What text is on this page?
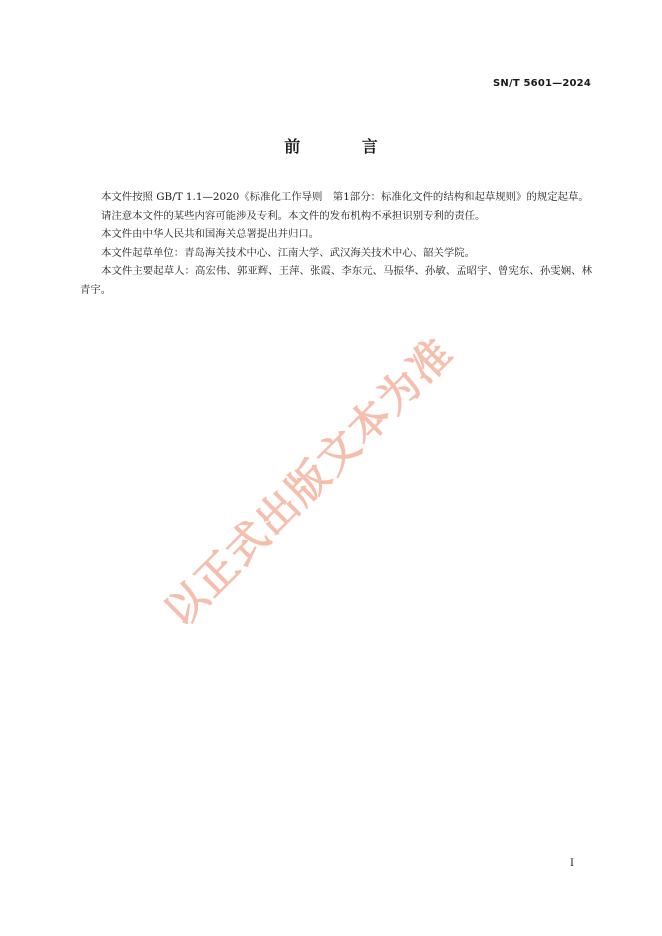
SN/T 5601—2024
前 言

本文件按照 GB/T 1.1—2020《标准化工作导则　第1部分：标准化文件的结构和起草规则》的规定起草。

请注意本文件的某些内容可能涉及专利。本文件的发布机构不承担识别专利的责任。

本文件由中华人民共和国海关总署提出并归口。

本文件起草单位：青岛海关技术中心、江南大学、武汉海关技术中心、韶关学院。

本文件主要起草人：高宏伟、郭亚辉、王萍、张霞、李东元、马振华、孙敏、孟昭宇、曾宪东、孙雯娴、林青宇。

以正式出版文本为准
I
